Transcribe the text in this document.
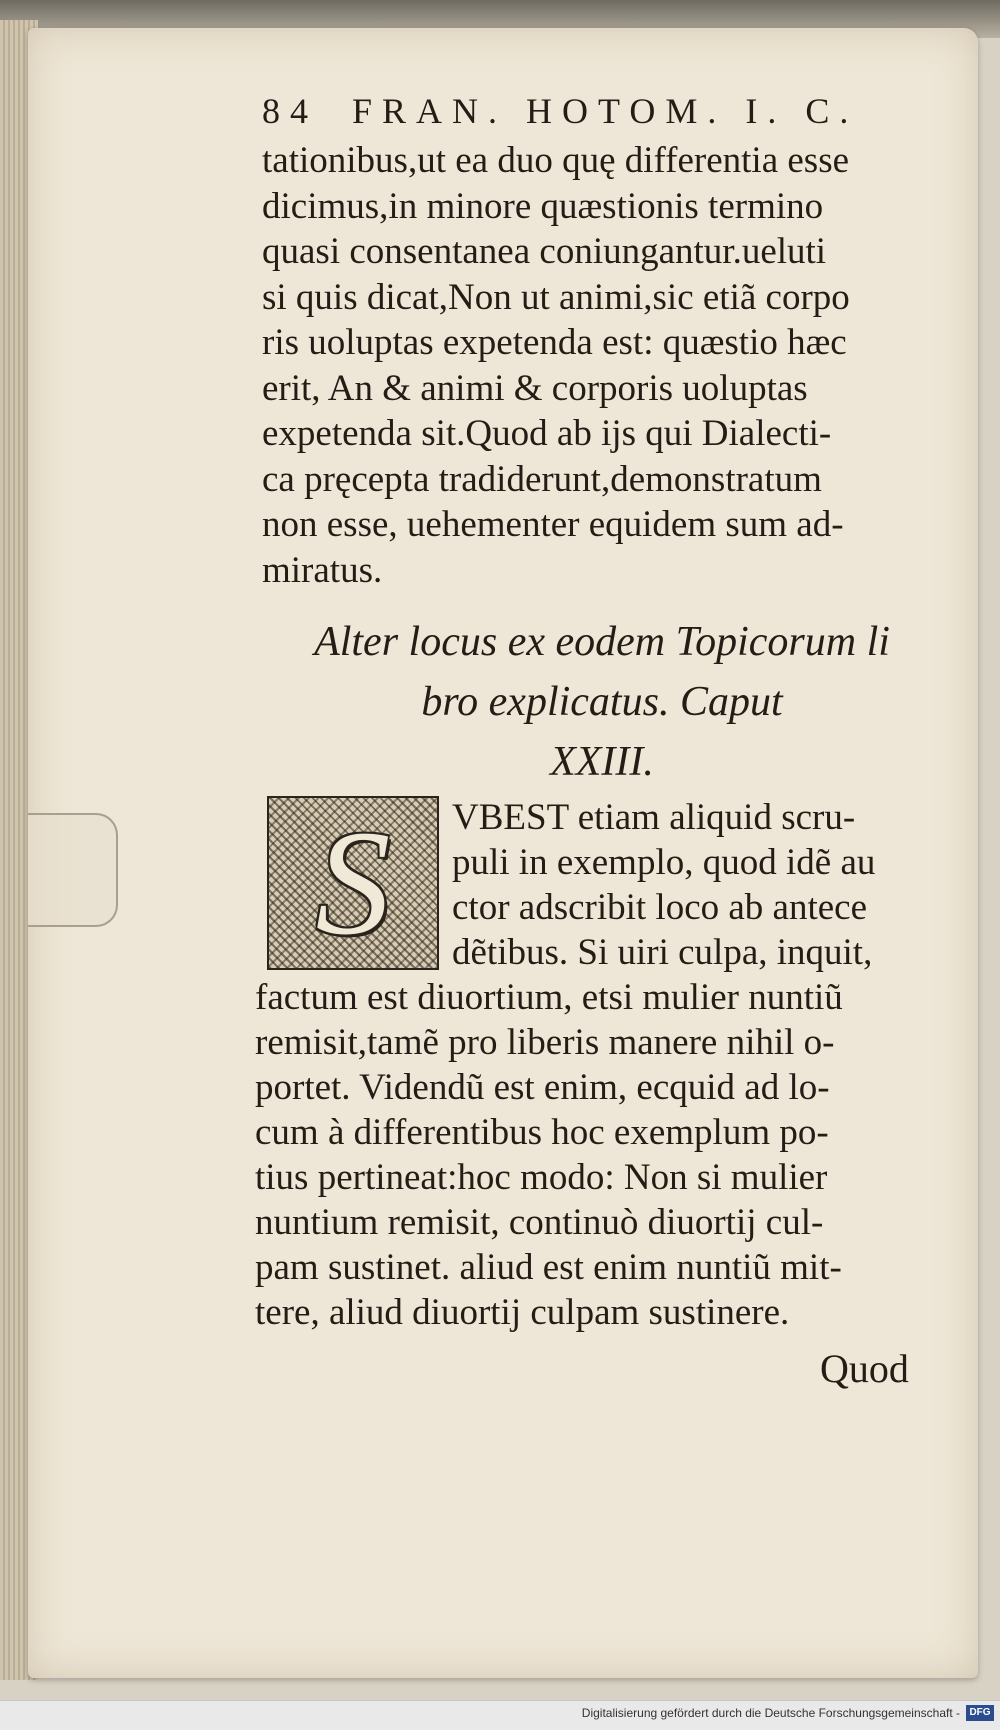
84 FRAN. HOTOM. I. C.
tationibus,ut ea duo quę differentia esse
dicimus,in minore quæstionis termino
quasi consentanea coniungantur.ueluti
si quis dicat,Non ut animi,sic etiã corpo
ris uoluptas expetenda est: quæstio hæc
erit, An & animi & corporis uoluptas
expetenda sit.Quod ab ijs qui Dialecti-
ca pręcepta tradiderunt,demonstratum
non esse, uehementer equidem sum ad-
miratus.
Alter locus ex eodem Topicorum li
bro explicatus. Caput
XXIII.
S VBEST etiam aliquid scru-
puli in exemplo, quod idẽ au
ctor adscribit loco ab antece
dẽtibus. Si uiri culpa, inquit,
factum est diuortium, etsi mulier nuntiũ
remisit,tamẽ pro liberis manere nihil o-
portet. Videndũ est enim, ecquid ad lo-
cum à differentibus hoc exemplum po-
tius pertineat:hoc modo: Non si mulier
nuntium remisit, continuò diuortij cul-
pam sustinet. aliud est enim nuntiũ mit-
tere, aliud diuortij culpam sustinere.
Quod
Digitalisierung gefördert durch die Deutsche Forschungsgemeinschaft - DFG
